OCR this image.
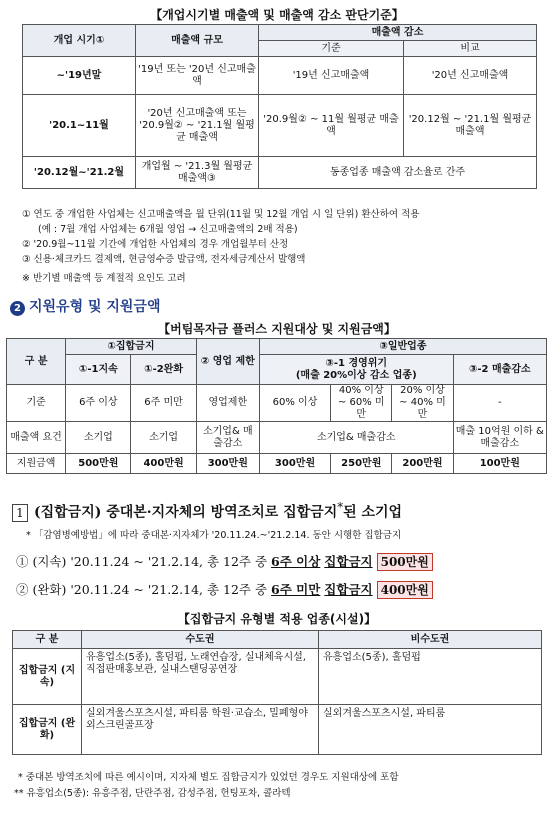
【개업시기별 매출액 및 매출액 감소 판단기준】
개업 시기①	매출액 규모	매출액 감소	
		기준	비교
~'19년말	'19년 또는 '20년 신고매출액	'19년 신고매출액	'20년 신고매출액
'20.1~11월	'20년 신고매출액 또는 '20.9월② ~ '21.1월 월평균 매출액	'20.9월② ~ 11월 월평균 매출액	'20.12월 ~ '21.1월 월평균 매출액
'20.12월~'21.2월	개업월 ~ '21.3월 월평균 매출액③	동종업종 매출액 감소율로 간주	
① 연도 중 개업한 사업체는 신고매출액을 월 단위(11월 및 12월 개업 시 일 단위) 환산하여 적용
(예 : 7월 개업 사업체는 6개월 영업 → 신고매출액의 2배 적용)
② '20.9월~11월 기간에 개업한 사업체의 경우 개업월부터 산정
③ 신용·체크카드 결제액, 현금영수증 발급액, 전자세금계산서 발행액
※ 반기별 매출액 등 계절적 요인도 고려
2 지원유형 및 지원금액
【버팀목자금 플러스 지원대상 및 지원금액】
구 분	①집합금지		② 영업 제한	③일반업종			
	①-1지속	①-2완화		③-1 경영위기
(매출 20%이상 감소 업종)			③-2 매출감소
기준	6주 이상	6주 미만	영업제한	60% 이상	40% 이상 ~ 60% 미만	20% 이상 ~ 40% 미만	-
매출액 요건	소기업	소기업	소기업& 매출감소	소기업& 매출감소			매출 10억원 이하 & 매출감소
지원금액	500만원	400만원	300만원	300만원	250만원	200만원	100만원
1 (집합금지) 중대본·지자체의 방역조치로 집합금지*된 소기업
* 「감염병예방법」에 따라 중대본·지자체가 '20.11.24.~'21.2.14. 동안 시행한 집합금지
① (지속) '20.11.24 ~ '21.2.14, 총 12주 중 6주 이상 집합금지 500만원
② (완화) '20.11.24 ~ '21.2.14, 총 12주 중 6주 미만 집합금지 400만원
【집합금지 유형별 적용 업종(시설)】
구 분	수도권	비수도권
집합금지 (지속)	유흥업소(5종), 홀덤펍, 노래연습장, 실내체육시설, 직접판매홍보관, 실내스탠딩공연장	유흥업소(5종), 홀덤펍
집합금지 (완화)	실외겨울스포츠시설, 파티룸 학원·교습소, 밀폐형야외스크린골프장	실외겨울스포츠시설, 파티룸
* 중대본 방역조치에 따른 예시이며, 지자체 별도 집합금지가 있었던 경우도 지원대상에 포함
** 유흥업소(5종): 유흥주점, 단란주점, 감성주점, 헌팅포차, 콜라텍
